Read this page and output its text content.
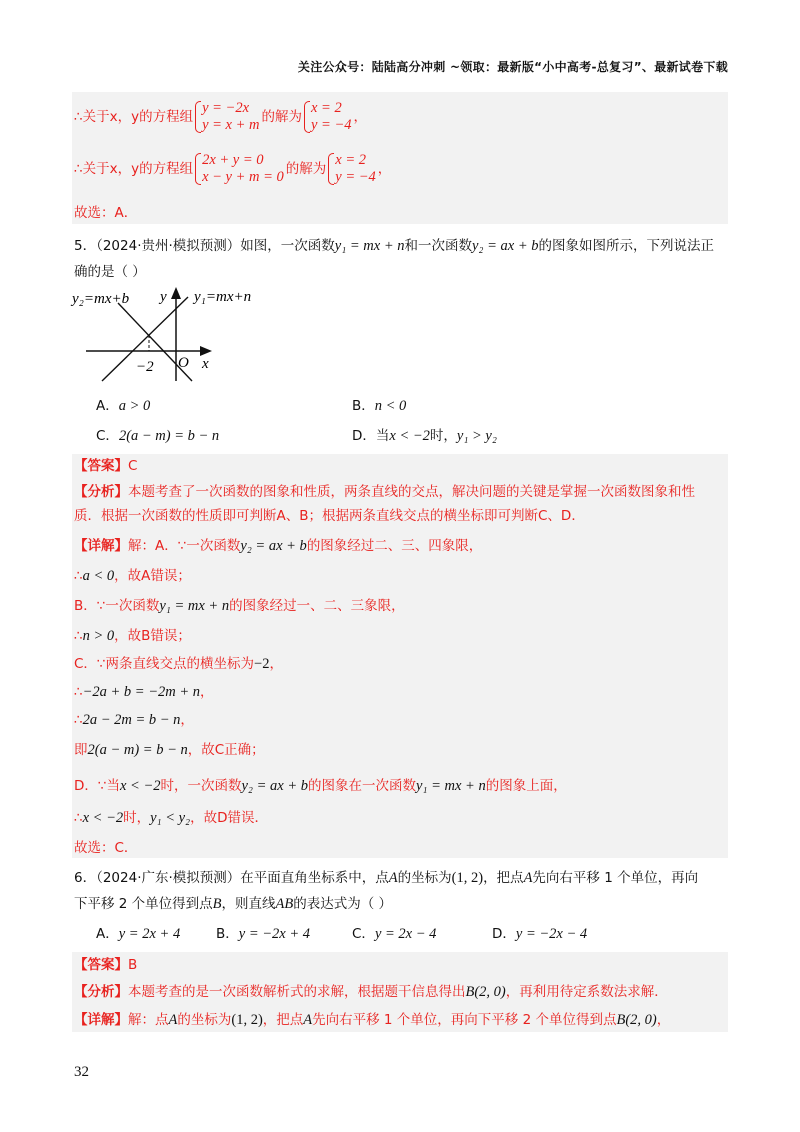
关注公众号：陆陆高分冲刺 ~领取：最新版“小中高考-总复习”、最新试卷下载
∴关于x，y的方程组
y = −2x
y = x + m 的解为
x = 2
y = −4 ，
∴关于x，y的方程组
2x + y = 0
x − y + m = 0 的解为
x = 2
y = −4 ，
故选：A．
5．（2024·贵州·模拟预测）如图，一次函数y₁ = mx + n和一次函数y₂ = ax + b的图象如图所示，下列说法正
确的是（ ）
y₂=mx+b y y₁=mx+n
−2 O x
A．a > 0	B．n < 0
C．2(a − m) = b − n	D．当x < −2时，y₁ > y₂
【答案】C
【分析】本题考查了一次函数的图象和性质，两条直线的交点，解决问题的关键是掌握一次函数图象和性
质．根据一次函数的性质即可判断A、B；根据两条直线交点的横坐标即可判断C、D．
【详解】解：A．∵一次函数y₂ = ax + b的图象经过二、三、四象限，
∴a < 0，故A错误；
B．∵一次函数y₁ = mx + n的图象经过一、二、三象限，
∴n > 0，故B错误；
C．∵两条直线交点的横坐标为−2，
∴−2a + b = −2m + n，
∴2a − 2m = b − n，
即2(a − m) = b − n，故C正确；
D．∵当x < −2时，一次函数y₂ = ax + b的图象在一次函数y₁ = mx + n的图象上面，
∴x < −2时，y₁ < y₂，故D错误．
故选：C．
6．（2024·广东·模拟预测）在平面直角坐标系中，点A的坐标为(1, 2)，把点A先向右平移 1 个单位，再向
下平移 2 个单位得到点B，则直线AB的表达式为（ ）
A．y = 2x + 4	B．y = −2x + 4	C．y = 2x − 4	D．y = −2x − 4
【答案】B
【分析】本题考查的是一次函数解析式的求解，根据题干信息得出B(2, 0)，再利用待定系数法求解．
【详解】解：点A的坐标为(1, 2)，把点A先向右平移 1 个单位，再向下平移 2 个单位得到点B(2, 0)，
32
